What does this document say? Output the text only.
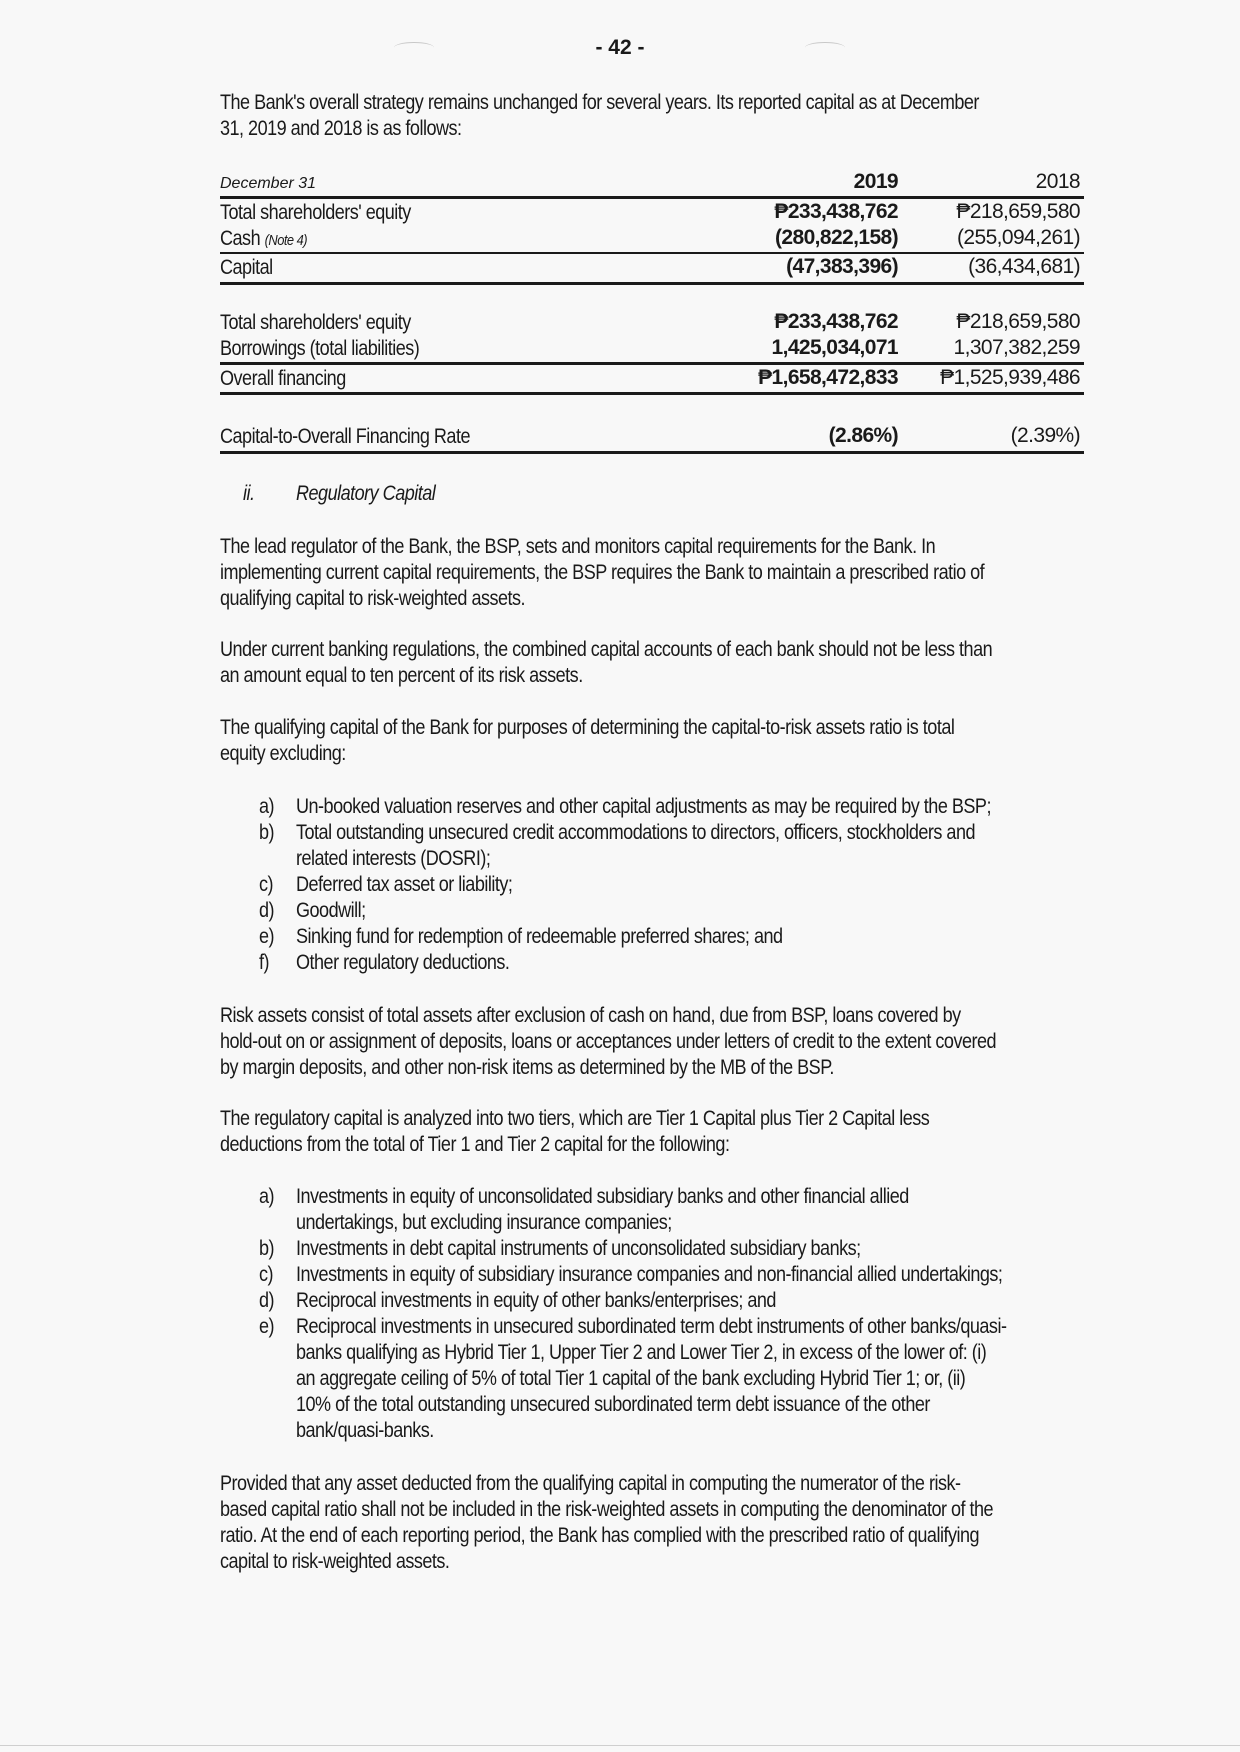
- 42 -
The Bank's overall strategy remains unchanged for several years. Its reported capital as at December
31, 2019 and 2018 is as follows:
December 31	2019	2018
Total shareholders' equity	₱233,438,762	₱218,659,580
Cash (Note 4)	(280,822,158)	(255,094,261)
Capital	(47,383,396)	(36,434,681)
Total shareholders' equity	₱233,438,762	₱218,659,580
Borrowings (total liabilities)	1,425,034,071	1,307,382,259
Overall financing	₱1,658,472,833 ₱1,525,939,486
Capital-to-Overall Financing Rate	(2.86%)	(2.39%)
ii. Regulatory Capital
The lead regulator of the Bank, the BSP, sets and monitors capital requirements for the Bank. In
implementing current capital requirements, the BSP requires the Bank to maintain a prescribed ratio of
qualifying capital to risk-weighted assets.
Under current banking regulations, the combined capital accounts of each bank should not be less than
an amount equal to ten percent of its risk assets.
The qualifying capital of the Bank for purposes of determining the capital-to-risk assets ratio is total
equity excluding:
a) Un-booked valuation reserves and other capital adjustments as may be required by the BSP;
b) Total outstanding unsecured credit accommodations to directors, officers, stockholders and
related interests (DOSRI);
c) Deferred tax asset or liability;
d) Goodwill;
e) Sinking fund for redemption of redeemable preferred shares; and
f) Other regulatory deductions.
Risk assets consist of total assets after exclusion of cash on hand, due from BSP, loans covered by
hold-out on or assignment of deposits, loans or acceptances under letters of credit to the extent covered
by margin deposits, and other non-risk items as determined by the MB of the BSP.
The regulatory capital is analyzed into two tiers, which are Tier 1 Capital plus Tier 2 Capital less
deductions from the total of Tier 1 and Tier 2 capital for the following:
a) Investments in equity of unconsolidated subsidiary banks and other financial allied
undertakings, but excluding insurance companies;
b) Investments in debt capital instruments of unconsolidated subsidiary banks;
c) Investments in equity of subsidiary insurance companies and non-financial allied undertakings;
d) Reciprocal investments in equity of other banks/enterprises; and
e) Reciprocal investments in unsecured subordinated term debt instruments of other banks/quasi-
banks qualifying as Hybrid Tier 1, Upper Tier 2 and Lower Tier 2, in excess of the lower of: (i)
an aggregate ceiling of 5% of total Tier 1 capital of the bank excluding Hybrid Tier 1; or, (ii)
10% of the total outstanding unsecured subordinated term debt issuance of the other
bank/quasi-banks.
Provided that any asset deducted from the qualifying capital in computing the numerator of the risk-
based capital ratio shall not be included in the risk-weighted assets in computing the denominator of the
ratio. At the end of each reporting period, the Bank has complied with the prescribed ratio of qualifying
capital to risk-weighted assets.
